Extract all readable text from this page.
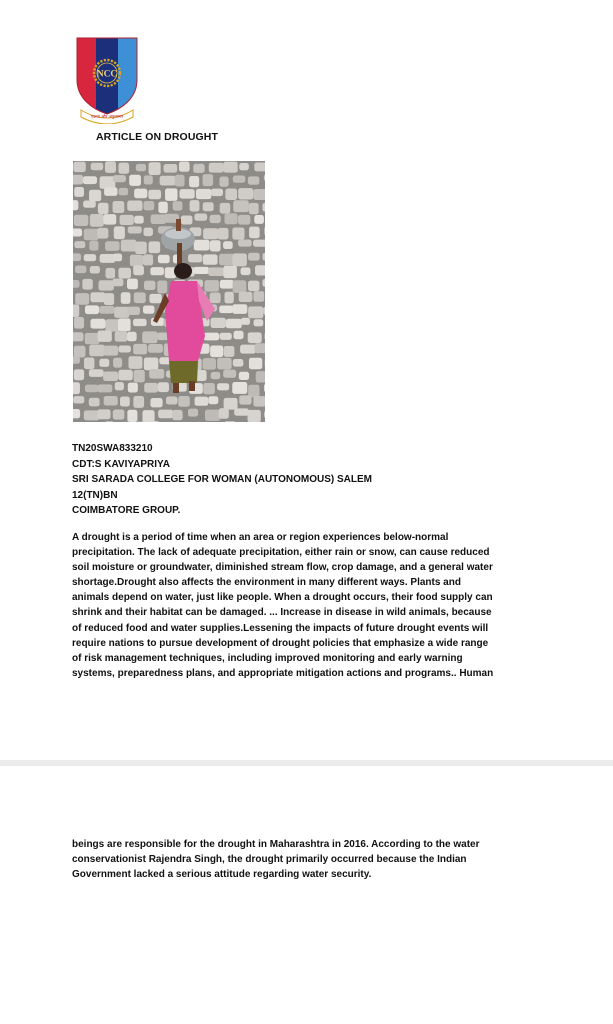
NCC
एकता और अनुशासन
ARTICLE ON DROUGHT
TN20SWA833210
CDT:S KAVIYAPRIYA
SRI SARADA COLLEGE FOR WOMAN (AUTONOMOUS) SALEM
12(TN)BN
COIMBATORE GROUP.
A drought is a period of time when an area or region experiences below-normal
precipitation. The lack of adequate precipitation, either rain or snow, can cause reduced
soil moisture or groundwater, diminished stream flow, crop damage, and a general water
shortage.Drought also affects the environment in many different ways. Plants and
animals depend on water, just like people. When a drought occurs, their food supply can
shrink and their habitat can be damaged. ... Increase in disease in wild animals, because
of reduced food and water supplies.Lessening the impacts of future drought events will
require nations to pursue development of drought policies that emphasize a wide range
of risk management techniques, including improved monitoring and early warning
systems, preparedness plans, and appropriate mitigation actions and programs.. Human
beings are responsible for the drought in Maharashtra in 2016. According to the water
conservationist Rajendra Singh, the drought primarily occurred because the Indian
Government lacked a serious attitude regarding water security.
